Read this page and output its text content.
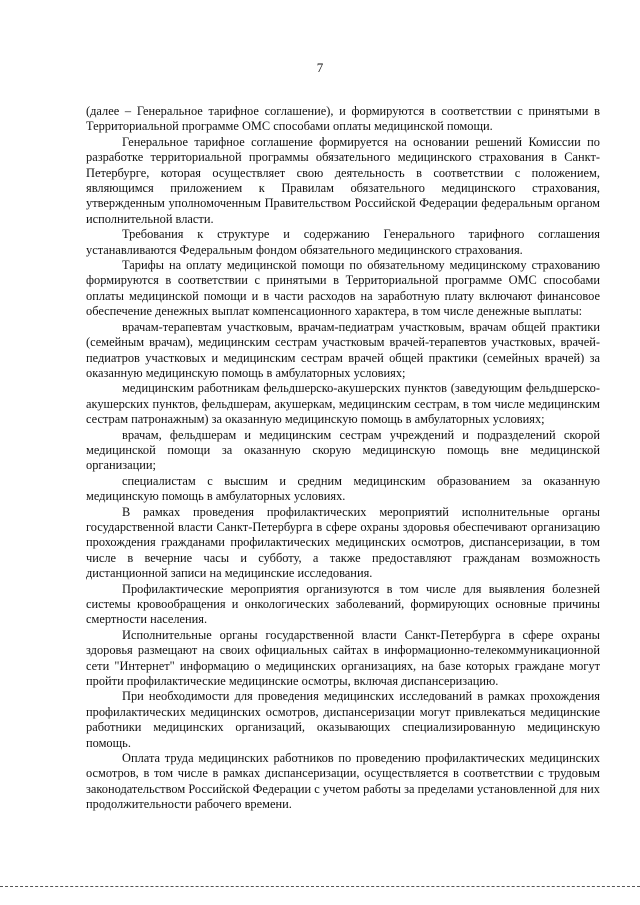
7

(далее – Генеральное тарифное соглашение), и формируются в соответствии с принятыми в Территориальной программе ОМС способами оплаты медицинской помощи.

Генеральное тарифное соглашение формируется на основании решений Комиссии по разработке территориальной программы обязательного медицинского страхования в Санкт-Петербурге, которая осуществляет свою деятельность в соответствии с положением, являющимся приложением к Правилам обязательного медицинского страхования, утвержденным уполномоченным Правительством Российской Федерации федеральным органом исполнительной власти.

Требования к структуре и содержанию Генерального тарифного соглашения устанавливаются Федеральным фондом обязательного медицинского страхования.

Тарифы на оплату медицинской помощи по обязательному медицинскому страхованию формируются в соответствии с принятыми в Территориальной программе ОМС способами оплаты медицинской помощи и в части расходов на заработную плату включают финансовое обеспечение денежных выплат компенсационного характера, в том числе денежные выплаты:

врачам-терапевтам участковым, врачам-педиатрам участковым, врачам общей практики (семейным врачам), медицинским сестрам участковым врачей-терапевтов участковых, врачей-педиатров участковых и медицинским сестрам врачей общей практики (семейных врачей) за оказанную медицинскую помощь в амбулаторных условиях;

медицинским работникам фельдшерско-акушерских пунктов (заведующим фельдшерско-акушерских пунктов, фельдшерам, акушеркам, медицинским сестрам, в том числе медицинским сестрам патронажным) за оказанную медицинскую помощь в амбулаторных условиях;

врачам, фельдшерам и медицинским сестрам учреждений и подразделений скорой медицинской помощи за оказанную скорую медицинскую помощь вне медицинской организации;

специалистам с высшим и средним медицинским образованием за оказанную медицинскую помощь в амбулаторных условиях.

В рамках проведения профилактических мероприятий исполнительные органы государственной власти Санкт-Петербурга в сфере охраны здоровья обеспечивают организацию прохождения гражданами профилактических медицинских осмотров, диспансеризации, в том числе в вечерние часы и субботу, а также предоставляют гражданам возможность дистанционной записи на медицинские исследования.

Профилактические мероприятия организуются в том числе для выявления болезней системы кровообращения и онкологических заболеваний, формирующих основные причины смертности населения.

Исполнительные органы государственной власти Санкт-Петербурга в сфере охраны здоровья размещают на своих официальных сайтах в информационно-телекоммуникационной сети "Интернет" информацию о медицинских организациях, на базе которых граждане могут пройти профилактические медицинские осмотры, включая диспансеризацию.

При необходимости для проведения медицинских исследований в рамках прохождения профилактических медицинских осмотров, диспансеризации могут привлекаться медицинские работники медицинских организаций, оказывающих специализированную медицинскую помощь.

Оплата труда медицинских работников по проведению профилактических медицинских осмотров, в том числе в рамках диспансеризации, осуществляется в соответствии с трудовым законодательством Российской Федерации с учетом работы за пределами установленной для них продолжительности рабочего времени.
